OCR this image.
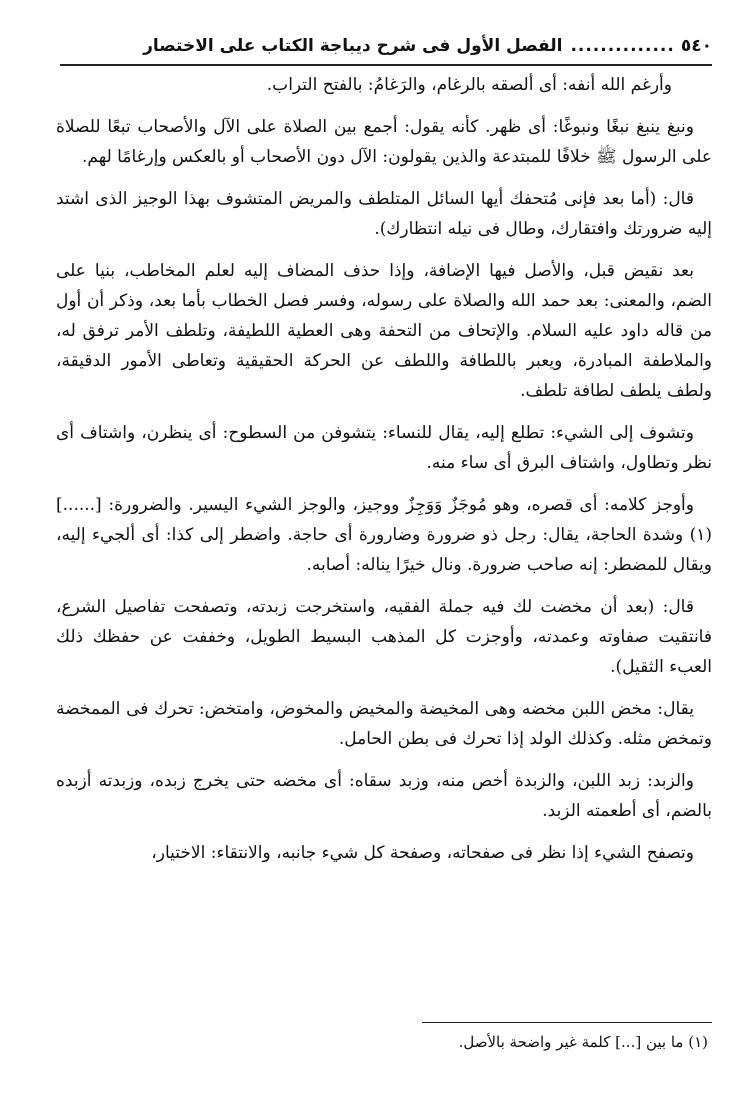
٥٤٠
..............
الفصل الأول فى شرح ديباجة الكتاب على الاختصار

وأرغم الله أنفه: أى ألصقه بالرغام، والرَغامُ: بالفتح التراب.

ونبغ ينبغ نبغًا ونبوغًا: أى ظهر. كأنه يقول: أجمع بين الصلاة على الآل والأصحاب تبعًا للصلاة على الرسول ﷺ خلافًا للمبتدعة والذين يقولون: الآل دون الأصحاب أو بالعكس وإرغامًا لهم.

قال: (أما بعد فإنى مُتحفك أيها السائل المتلطف والمريض المتشوف بهذا الوجيز الذى اشتد إليه ضرورتك وافتقارك، وطال فى نيله انتظارك).

بعد نقيض قبل، والأصل فيها الإضافة، وإذا حذف المضاف إليه لعلم المخاطب، بنيا على الضم، والمعنى: بعد حمد الله والصلاة على رسوله، وفسر فصل الخطاب بأما بعد، وذكر أن أول من قاله داود عليه السلام. والإتحاف من التحفة وهى العطية اللطيفة، وتلطف الأمر ترفق له، والملاطفة المبادرة، ويعبر باللطافة واللطف عن الحركة الحقيقية وتعاطى الأمور الدقيقة، ولطف يلطف لطافة تلطف.

وتشوف إلى الشيء: تطلع إليه، يقال للنساء: يتشوفن من السطوح: أى ينظرن، واشتاف أى نظر وتطاول، واشتاف البرق أى ساء منه.

وأوجز كلامه: أى قصره، وهو مُوجَزٌ وَوَجِزٌ ووجيز، والوجز الشيء اليسير. والضرورة: [......](١) وشدة الحاجة، يقال: رجل ذو ضرورة وضارورة أى حاجة. واضطر إلى كذا: أى ألجيء إليه، ويقال للمضطر: إنه صاحب ضرورة. ونال خيرًا يناله: أصابه.

قال: (بعد أن مخضت لك فيه جملة الفقيه، واستخرجت زبدته، وتصفحت تفاصيل الشرع، فانتقيت صفاوته وعمدته، وأوجزت كل المذهب البسيط الطويل، وخففت عن حفظك ذلك العبء الثقيل).

يقال: مخض اللبن مخضه وهى المخيضة والمخيض والمخوض، وامتخض: تحرك فى الممخضة وتمخض مثله. وكذلك الولد إذا تحرك فى بطن الحامل.

والزبد: زبد اللبن، والزبدة أخص منه، وزبد سقاه: أى مخضه حتى يخرج زبده، وزبدته أزبده بالضم، أى أطعمته الزبد.

وتصفح الشيء إذا نظر فى صفحاته، وصفحة كل شيء جانبه، والانتقاء: الاختيار،

(١) ما بين [...] كلمة غير واضحة بالأصل.
